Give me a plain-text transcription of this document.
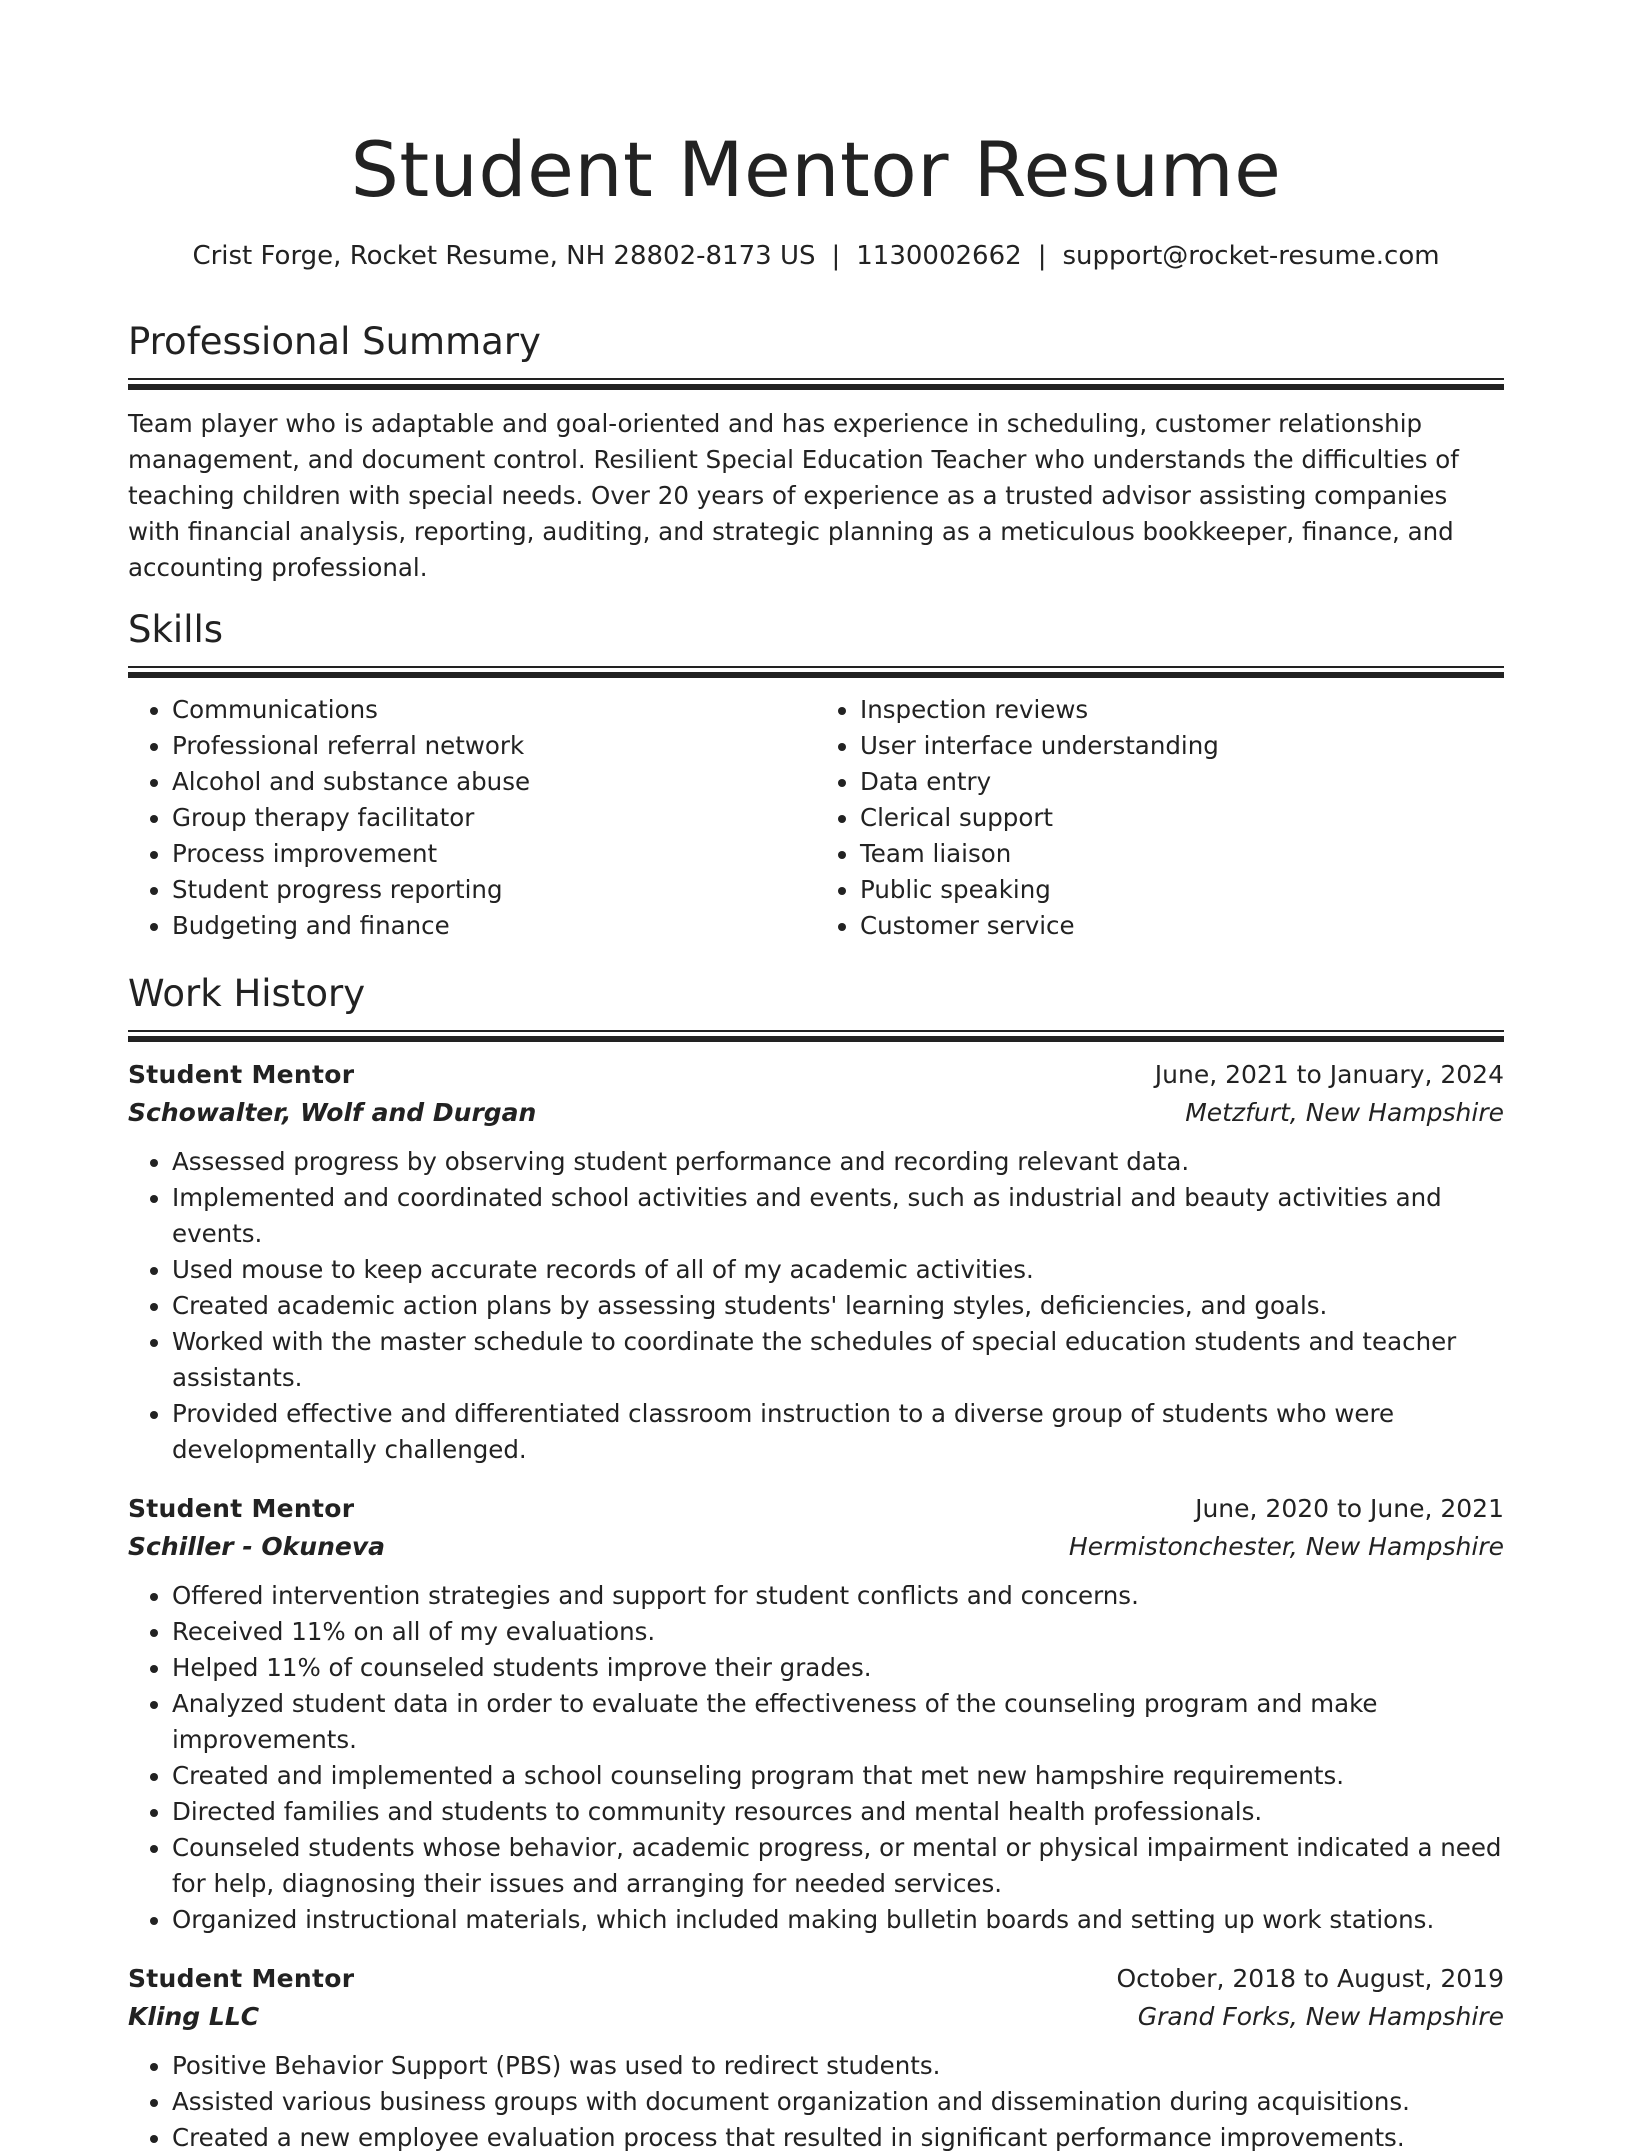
Student Mentor Resume
Crist Forge, Rocket Resume, NH 28802-8173 US | 1130002662 | support@rocket-resume.com
Professional Summary

Team player who is adaptable and goal-oriented and has experience in scheduling, customer relationship management, and document control. Resilient Special Education Teacher who understands the difficulties of teaching children with special needs. Over 20 years of experience as a trusted advisor assisting companies with financial analysis, reporting, auditing, and strategic planning as a meticulous bookkeeper, finance, and accounting professional.

Skills
• Communications
• Professional referral network
• Alcohol and substance abuse
• Group therapy facilitator
• Process improvement
• Student progress reporting
• Budgeting and finance
• Inspection reviews
• User interface understanding
• Data entry
• Clerical support
• Team liaison
• Public speaking
• Customer service
Work History
Student Mentor	June, 2021 to January, 2024
Schowalter, Wolf and Durgan	Metzfurt, New Hampshire
• Assessed progress by observing student performance and recording relevant data.
• Implemented and coordinated school activities and events, such as industrial and beauty activities and events.
• Used mouse to keep accurate records of all of my academic activities.
• Created academic action plans by assessing students' learning styles, deficiencies, and goals.
• Worked with the master schedule to coordinate the schedules of special education students and teacher assistants.
• Provided effective and differentiated classroom instruction to a diverse group of students who were developmentally challenged.
Student Mentor	June, 2020 to June, 2021
Schiller - Okuneva	Hermistonchester, New Hampshire
• Offered intervention strategies and support for student conflicts and concerns.
• Received 11% on all of my evaluations.
• Helped 11% of counseled students improve their grades.
• Analyzed student data in order to evaluate the effectiveness of the counseling program and make improvements.
• Created and implemented a school counseling program that met new hampshire requirements.
• Directed families and students to community resources and mental health professionals.
• Counseled students whose behavior, academic progress, or mental or physical impairment indicated a need for help, diagnosing their issues and arranging for needed services.
• Organized instructional materials, which included making bulletin boards and setting up work stations.
Student Mentor	October, 2018 to August, 2019
Kling LLC	Grand Forks, New Hampshire
• Positive Behavior Support (PBS) was used to redirect students.
• Assisted various business groups with document organization and dissemination during acquisitions.
• Created a new employee evaluation process that resulted in significant performance improvements.
